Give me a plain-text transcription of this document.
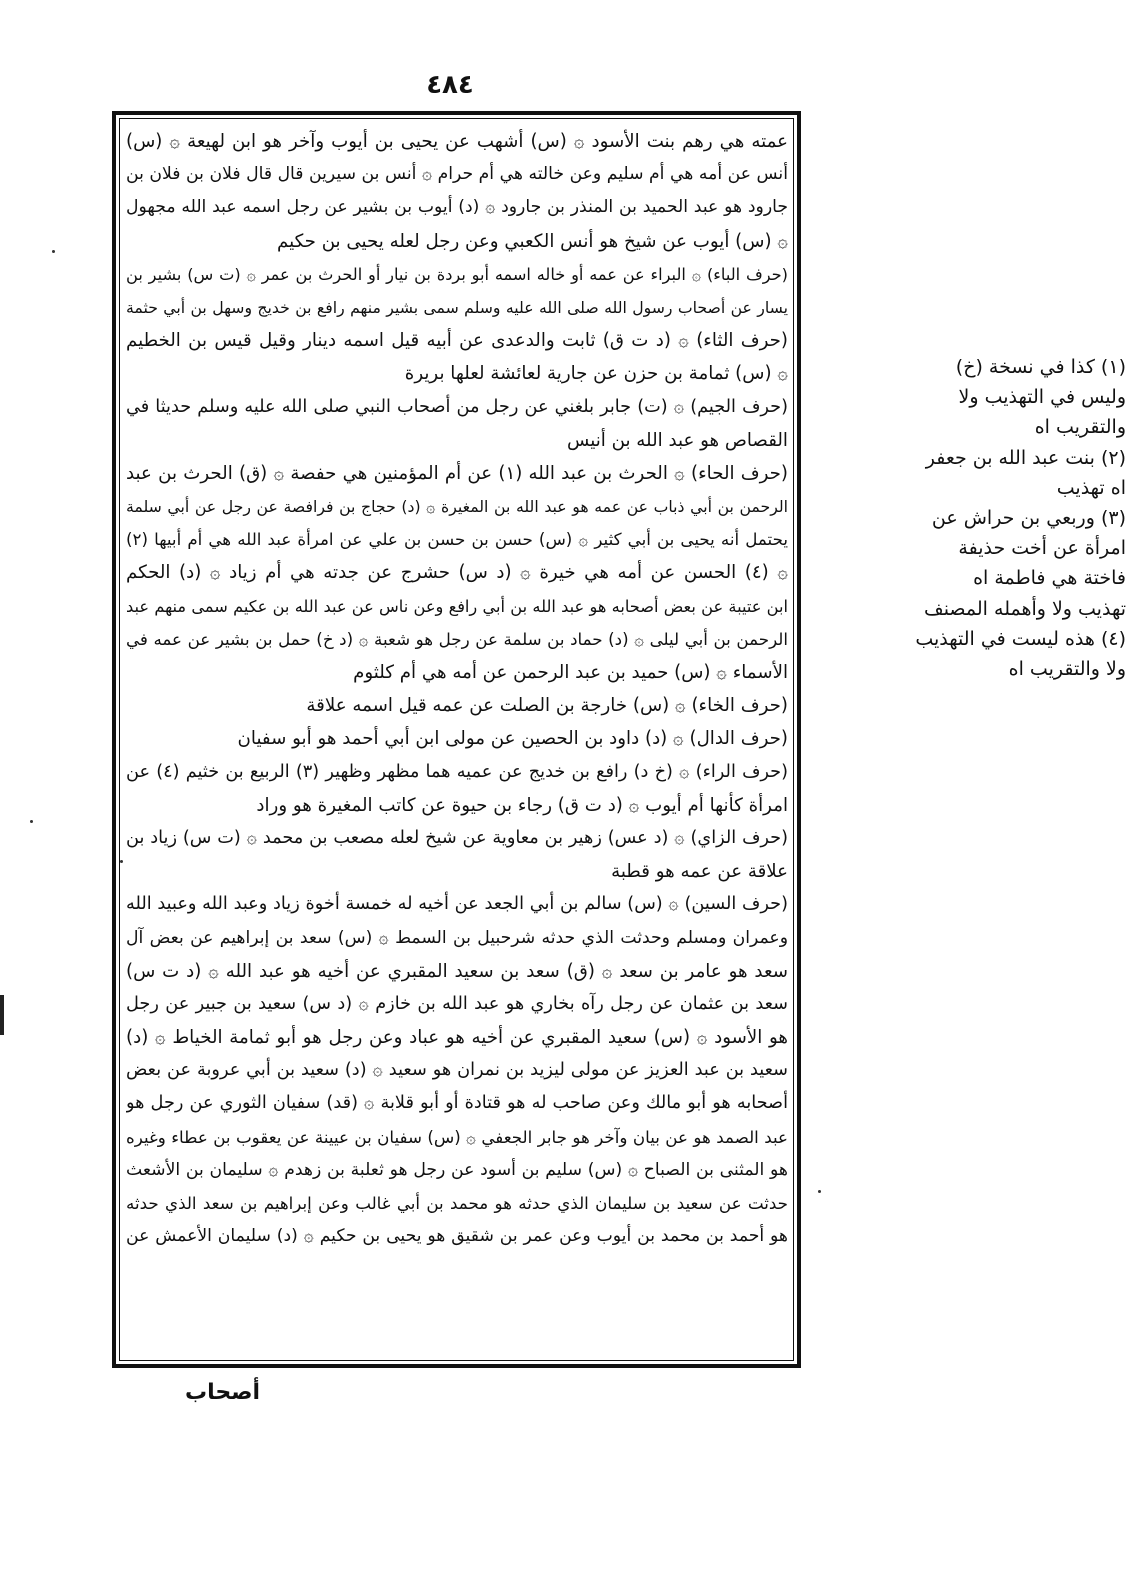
٤٨٤
عمته هي رهم بنت الأسود ۞ (س) أشهب عن يحيى بن أيوب وآخر هو ابن لهيعة ۞ (س)
أنس عن أمه هي أم سليم وعن خالته هي أم حرام ۞ أنس بن سيرين قال قال فلان بن فلان بن
جارود هو عبد الحميد بن المنذر بن جارود ۞ (د) أيوب بن بشير عن رجل اسمه عبد الله مجهول
۞ (س) أيوب عن شيخ هو أنس الكعبي وعن رجل لعله يحيى بن حكيم
(حرف الباء) ۞ البراء عن عمه أو خاله اسمه أبو بردة بن نيار أو الحرث بن عمر ۞ (ت س) بشير بن
يسار عن أصحاب رسول الله صلى الله عليه وسلم سمى بشير منهم رافع بن خديج وسهل بن أبي حثمة
(حرف الثاء) ۞ (د ت ق) ثابت والدعدى عن أبيه قيل اسمه دينار وقيل قيس بن الخطيم
۞ (س) ثمامة بن حزن عن جارية لعائشة لعلها بريرة
(حرف الجيم) ۞ (ت) جابر بلغني عن رجل من أصحاب النبي صلى الله عليه وسلم حديثا في
القصاص هو عبد الله بن أنيس
(حرف الحاء) ۞ الحرث بن عبد الله (١) عن أم المؤمنين هي حفصة ۞ (ق) الحرث بن عبد
الرحمن بن أبي ذباب عن عمه هو عبد الله بن المغيرة ۞ (د) حجاج بن فرافصة عن رجل عن أبي سلمة
يحتمل أنه يحيى بن أبي كثير ۞ (س) حسن بن حسن بن علي عن امرأة عبد الله هي أم أبيها (٢)
۞ (٤) الحسن عن أمه هي خيرة ۞ (د س) حشرج عن جدته هي أم زياد ۞ (د) الحكم
ابن عتيبة عن بعض أصحابه هو عبد الله بن أبي رافع وعن ناس عن عبد الله بن عكيم سمى منهم عبد
الرحمن بن أبي ليلى ۞ (د) حماد بن سلمة عن رجل هو شعبة ۞ (د خ) حمل بن بشير عن عمه في
الأسماء ۞ (س) حميد بن عبد الرحمن عن أمه هي أم كلثوم
(حرف الخاء) ۞ (س) خارجة بن الصلت عن عمه قيل اسمه علاقة
(حرف الدال) ۞ (د) داود بن الحصين عن مولى ابن أبي أحمد هو أبو سفيان
(حرف الراء) ۞ (خ د) رافع بن خديج عن عميه هما مظهر وظهير (٣) الربيع بن خثيم (٤) عن
امرأة كأنها أم أيوب ۞ (د ت ق) رجاء بن حيوة عن كاتب المغيرة هو وراد
(حرف الزاي) ۞ (د عس) زهير بن معاوية عن شيخ لعله مصعب بن محمد ۞ (ت س) زياد بن
علاقة عن عمه هو قطبة
(حرف السين) ۞ (س) سالم بن أبي الجعد عن أخيه له خمسة أخوة زياد وعبد الله وعبيد الله
وعمران ومسلم وحدثت الذي حدثه شرحبيل بن السمط ۞ (س) سعد بن إبراهيم عن بعض آل
سعد هو عامر بن سعد ۞ (ق) سعد بن سعيد المقبري عن أخيه هو عبد الله ۞ (د ت س)
سعد بن عثمان عن رجل رآه بخاري هو عبد الله بن خازم ۞ (د س) سعيد بن جبير عن رجل
هو الأسود ۞ (س) سعيد المقبري عن أخيه هو عباد وعن رجل هو أبو ثمامة الخياط ۞ (د)
سعيد بن عبد العزيز عن مولى ليزيد بن نمران هو سعيد ۞ (د) سعيد بن أبي عروبة عن بعض
أصحابه هو أبو مالك وعن صاحب له هو قتادة أو أبو قلابة ۞ (قد) سفيان الثوري عن رجل هو
عبد الصمد هو عن بيان وآخر هو جابر الجعفي ۞ (س) سفيان بن عيينة عن يعقوب بن عطاء وغيره
هو المثنى بن الصباح ۞ (س) سليم بن أسود عن رجل هو ثعلبة بن زهدم ۞ سليمان بن الأشعث
حدثت عن سعيد بن سليمان الذي حدثه هو محمد بن أبي غالب وعن إبراهيم بن سعد الذي حدثه
هو أحمد بن محمد بن أيوب وعن عمر بن شقيق هو يحيى بن حكيم ۞ (د) سليمان الأعمش عن
(١) كذا في نسخة (خ)
وليس في التهذيب ولا
والتقريب اه
(٢) بنت عبد الله بن جعفر
اه تهذيب
(٣) وربعي بن حراش عن
امرأة عن أخت حذيفة
فاختة هي فاطمة اه
تهذيب ولا وأهمله المصنف
(٤) هذه ليست في التهذيب
ولا والتقريب اه
أصحاب
